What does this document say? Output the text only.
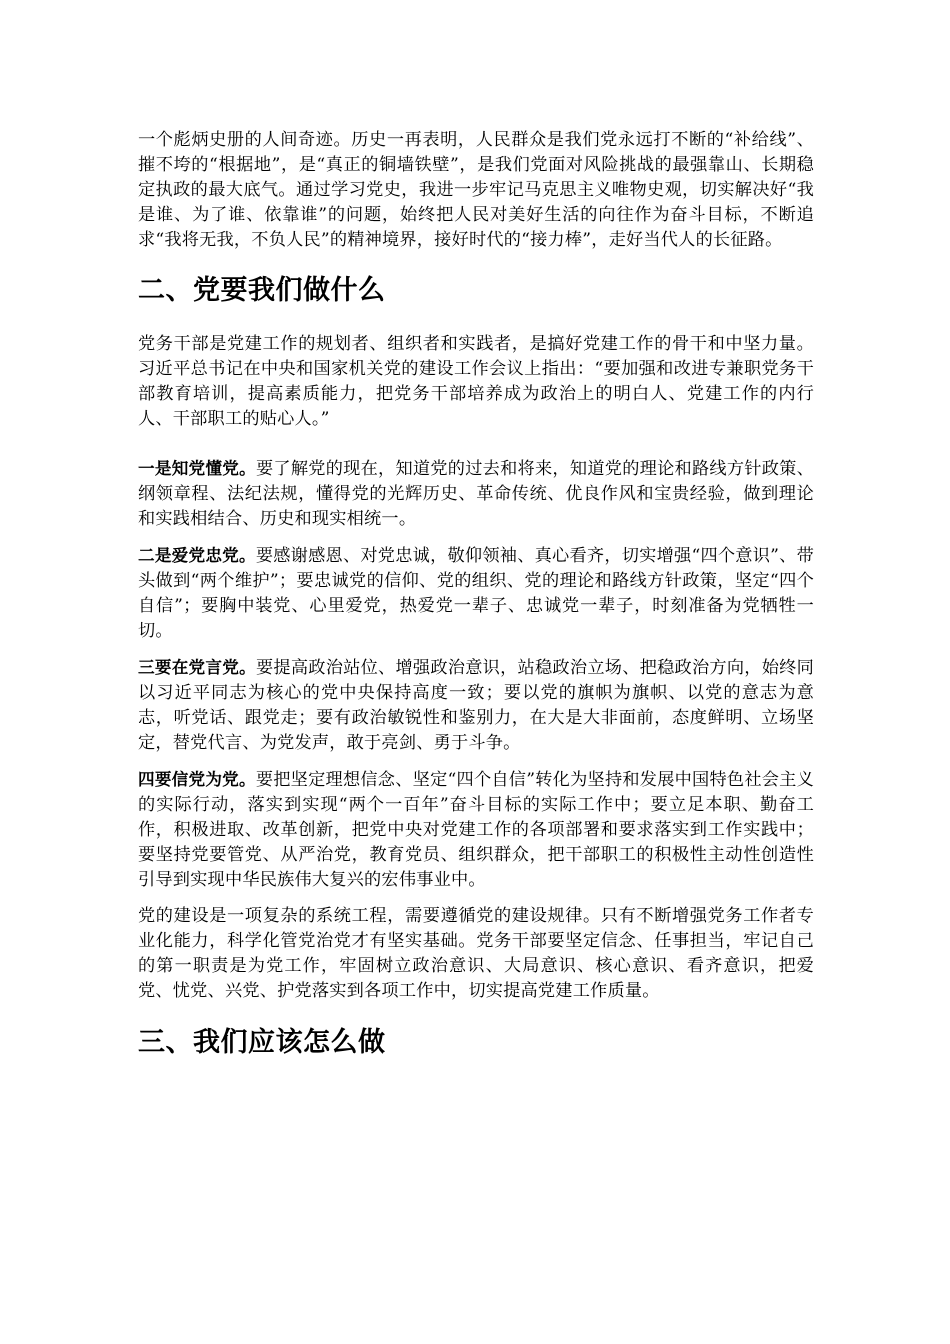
一个彪炳史册的人间奇迹。历史一再表明，人民群众是我们党永远打不断的“补给线”、摧不垮的“根据地”，是“真正的铜墙铁壁”，是我们党面对风险挑战的最强靠山、长期稳定执政的最大底气。通过学习党史，我进一步牢记马克思主义唯物史观，切实解决好“我是谁、为了谁、依靠谁”的问题，始终把人民对美好生活的向往作为奋斗目标，不断追求“我将无我，不负人民”的精神境界，接好时代的“接力棒”，走好当代人的长征路。

二、党要我们做什么

党务干部是党建工作的规划者、组织者和实践者，是搞好党建工作的骨干和中坚力量。习近平总书记在中央和国家机关党的建设工作会议上指出：“要加强和改进专兼职党务干部教育培训，提高素质能力，把党务干部培养成为政治上的明白人、党建工作的内行人、干部职工的贴心人。”

一是知党懂党。要了解党的现在，知道党的过去和将来，知道党的理论和路线方针政策、纲领章程、法纪法规，懂得党的光辉历史、革命传统、优良作风和宝贵经验，做到理论和实践相结合、历史和现实相统一。

二是爱党忠党。要感谢感恩、对党忠诚，敬仰领袖、真心看齐，切实增强“四个意识”、带头做到“两个维护”；要忠诚党的信仰、党的组织、党的理论和路线方针政策，坚定“四个自信”；要胸中装党、心里爱党，热爱党一辈子、忠诚党一辈子，时刻准备为党牺牲一切。

三要在党言党。要提高政治站位、增强政治意识，站稳政治立场、把稳政治方向，始终同以习近平同志为核心的党中央保持高度一致；要以党的旗帜为旗帜、以党的意志为意志，听党话、跟党走；要有政治敏锐性和鉴别力，在大是大非面前，态度鲜明、立场坚定，替党代言、为党发声，敢于亮剑、勇于斗争。

四要信党为党。要把坚定理想信念、坚定“四个自信”转化为坚持和发展中国特色社会主义的实际行动，落实到实现“两个一百年”奋斗目标的实际工作中；要立足本职、勤奋工作，积极进取、改革创新，把党中央对党建工作的各项部署和要求落实到工作实践中；要坚持党要管党、从严治党，教育党员、组织群众，把干部职工的积极性主动性创造性引导到实现中华民族伟大复兴的宏伟事业中。

党的建设是一项复杂的系统工程，需要遵循党的建设规律。只有不断增强党务工作者专业化能力，科学化管党治党才有坚实基础。党务干部要坚定信念、任事担当，牢记自己的第一职责是为党工作，牢固树立政治意识、大局意识、核心意识、看齐意识，把爱党、忧党、兴党、护党落实到各项工作中，切实提高党建工作质量。

三、我们应该怎么做
